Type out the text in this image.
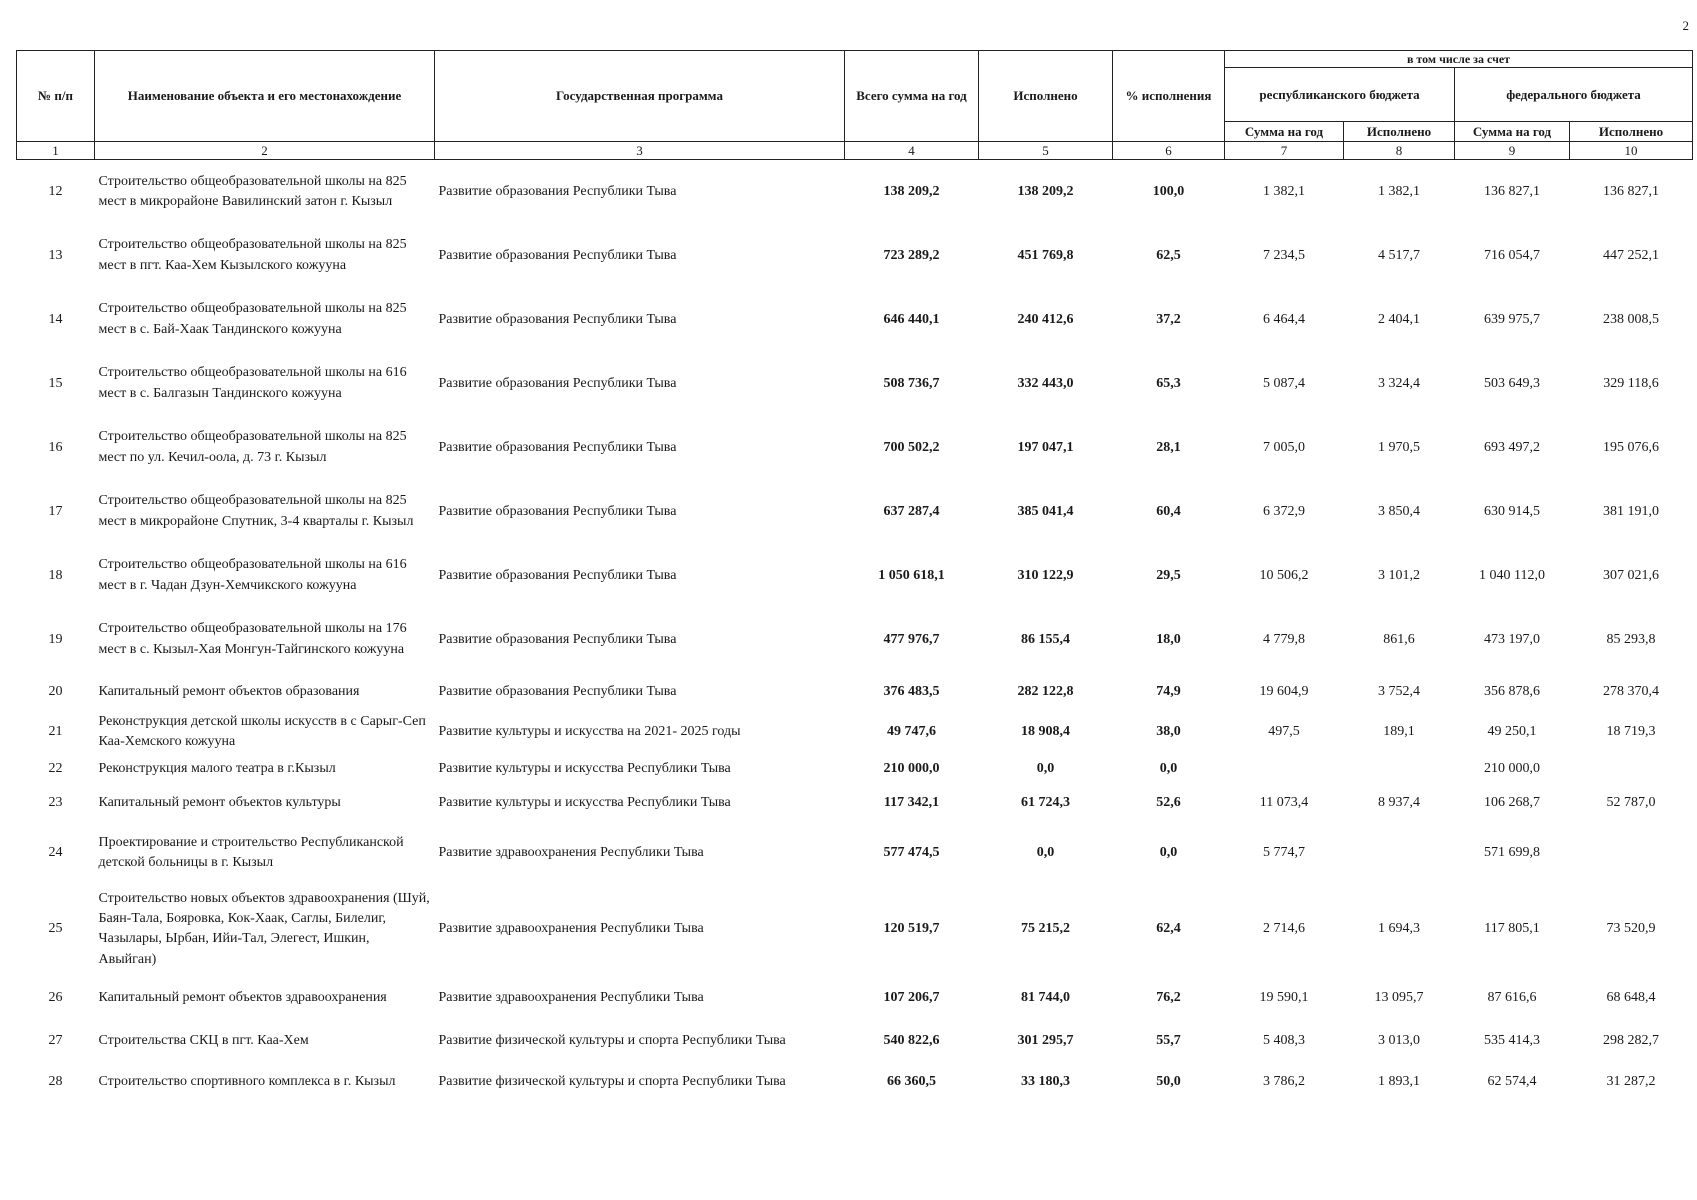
2
№ п/п	Наименование объекта и его местонахождение	Государственная программа	Всего сумма на год	Исполнено	% исполнения	в том числе за счет			
						республиканского бюджета		федерального бюджета	
						Сумма на год	Исполнено	Сумма на год	Исполнено
1	2	3	4	5	6	7	8	9	10
12	Строительство общеобразовательной школы на 825 мест в микрорайоне Вавилинский затон г. Кызыл	Развитие образования Республики Тыва	138 209,2	138 209,2	100,0	1 382,1	1 382,1	136 827,1	136 827,1
13	Строительство общеобразовательной школы на 825 мест в пгт. Каа-Хем Кызылского кожууна	Развитие образования Республики Тыва	723 289,2	451 769,8	62,5	7 234,5	4 517,7	716 054,7	447 252,1
14	Строительство общеобразовательной школы на 825 мест в с. Бай-Хаак Тандинского кожууна	Развитие образования Республики Тыва	646 440,1	240 412,6	37,2	6 464,4	2 404,1	639 975,7	238 008,5
15	Строительство общеобразовательной школы на 616 мест в с. Балгазын Тандинского кожууна	Развитие образования Республики Тыва	508 736,7	332 443,0	65,3	5 087,4	3 324,4	503 649,3	329 118,6
16	Строительство общеобразовательной школы на 825 мест по ул. Кечил-оола, д. 73 г. Кызыл	Развитие образования Республики Тыва	700 502,2	197 047,1	28,1	7 005,0	1 970,5	693 497,2	195 076,6
17	Строительство общеобразовательной школы на 825 мест в микрорайоне Спутник, 3-4 кварталы г. Кызыл	Развитие образования Республики Тыва	637 287,4	385 041,4	60,4	6 372,9	3 850,4	630 914,5	381 191,0
18	Строительство общеобразовательной школы на 616 мест в г. Чадан Дзун-Хемчикского кожууна	Развитие образования Республики Тыва	1 050 618,1	310 122,9	29,5	10 506,2	3 101,2	1 040 112,0	307 021,6
19	Строительство общеобразовательной школы на 176 мест в с. Кызыл-Хая Монгун-Тайгинского кожууна	Развитие образования Республики Тыва	477 976,7	86 155,4	18,0	4 779,8	861,6	473 197,0	85 293,8
20	Капитальный ремонт объектов образования	Развитие образования Республики Тыва	376 483,5	282 122,8	74,9	19 604,9	3 752,4	356 878,6	278 370,4
21	Реконструкция детской школы искусств в с Сарыг-Сеп Каа-Хемского кожууна	Развитие культуры и искусства на 2021- 2025 годы	49 747,6	18 908,4	38,0	497,5	189,1	49 250,1	18 719,3
22	Реконструкция малого театра в г.Кызыл	Развитие культуры и искусства Республики Тыва	210 000,0	0,0	0,0			210 000,0	
23	Капитальный ремонт объектов культуры	Развитие культуры и искусства Республики Тыва	117 342,1	61 724,3	52,6	11 073,4	8 937,4	106 268,7	52 787,0
24	Проектирование и строительство Республиканской детской больницы в г. Кызыл	Развитие здравоохранения Республики Тыва	577 474,5	0,0	0,0	5 774,7		571 699,8	
25	Строительство новых объектов здравоохранения (Шуй, Баян-Тала, Бояровка, Кок-Хаак, Саглы, Билелиг, Чазылары, Ырбан, Ийи-Тал, Элегест, Ишкин, Авыйган)	Развитие здравоохранения Республики Тыва	120 519,7	75 215,2	62,4	2 714,6	1 694,3	117 805,1	73 520,9
26	Капитальный ремонт объектов здравоохранения	Развитие здравоохранения Республики Тыва	107 206,7	81 744,0	76,2	19 590,1	13 095,7	87 616,6	68 648,4
27	Строительства СКЦ в пгт. Каа-Хем	Развитие физической культуры и спорта Республики Тыва	540 822,6	301 295,7	55,7	5 408,3	3 013,0	535 414,3	298 282,7
28	Строительство спортивного комплекса в г. Кызыл	Развитие физической культуры и спорта Республики Тыва	66 360,5	33 180,3	50,0	3 786,2	1 893,1	62 574,4	31 287,2
